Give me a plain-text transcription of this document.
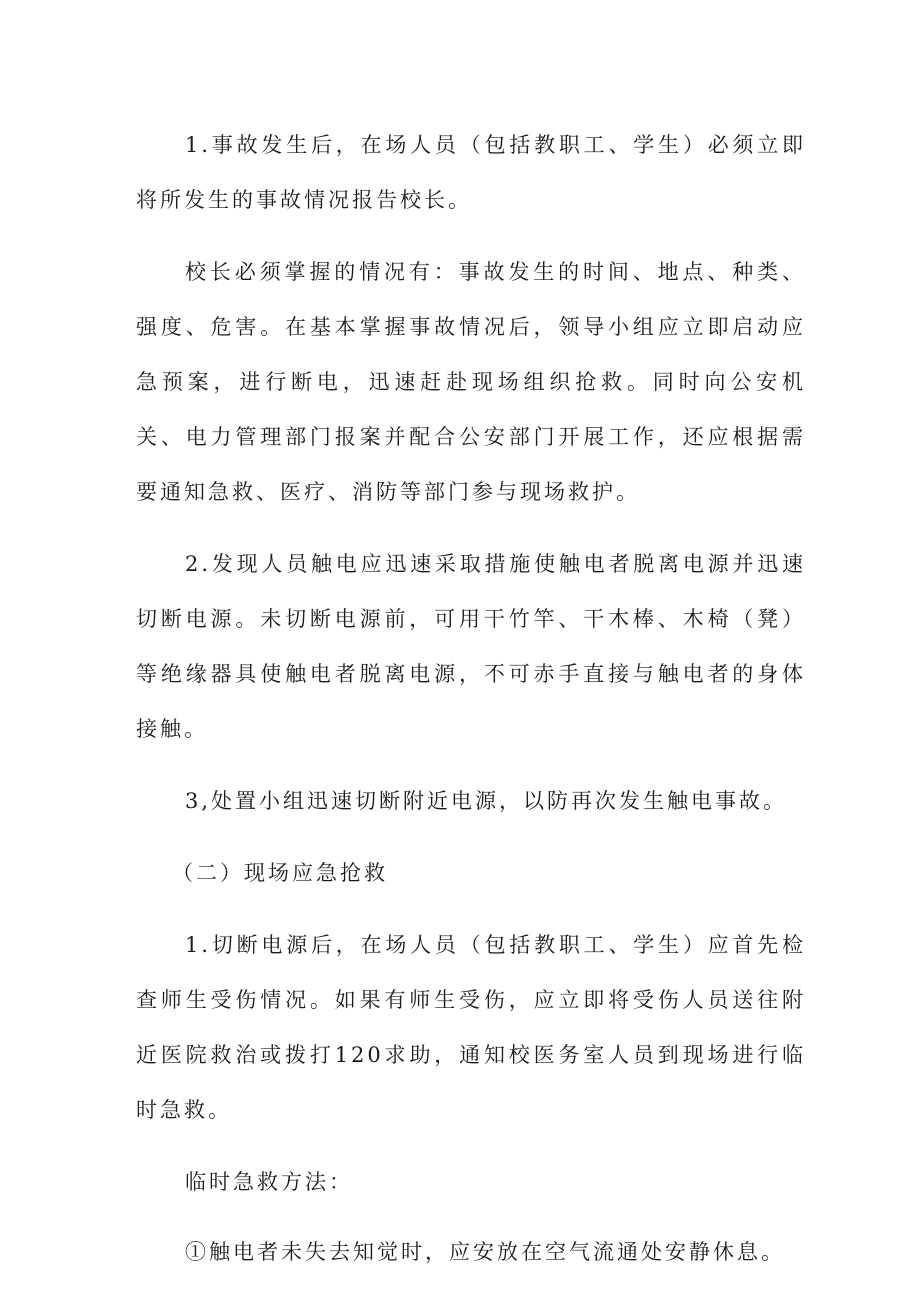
1.事故发生后，在场人员（包括教职工、学生）必须立即将所发生的事故情况报告校长。

校长必须掌握的情况有：事故发生的时间、地点、种类、强度、危害。在基本掌握事故情况后，领导小组应立即启动应急预案，进行断电，迅速赶赴现场组织抢救。同时向公安机关、电力管理部门报案并配合公安部门开展工作，还应根据需要通知急救、医疗、消防等部门参与现场救护。

2.发现人员触电应迅速采取措施使触电者脱离电源并迅速切断电源。未切断电源前，可用干竹竿、干木棒、木椅（凳）等绝缘器具使触电者脱离电源，不可赤手直接与触电者的身体接触。

3,处置小组迅速切断附近电源，以防再次发生触电事故。

（二）现场应急抢救

1.切断电源后，在场人员（包括教职工、学生）应首先检查师生受伤情况。如果有师生受伤，应立即将受伤人员送往附近医院救治或拨打120求助，通知校医务室人员到现场进行临时急救。

临时急救方法：

①触电者未失去知觉时，应安放在空气流通处安静休息。
